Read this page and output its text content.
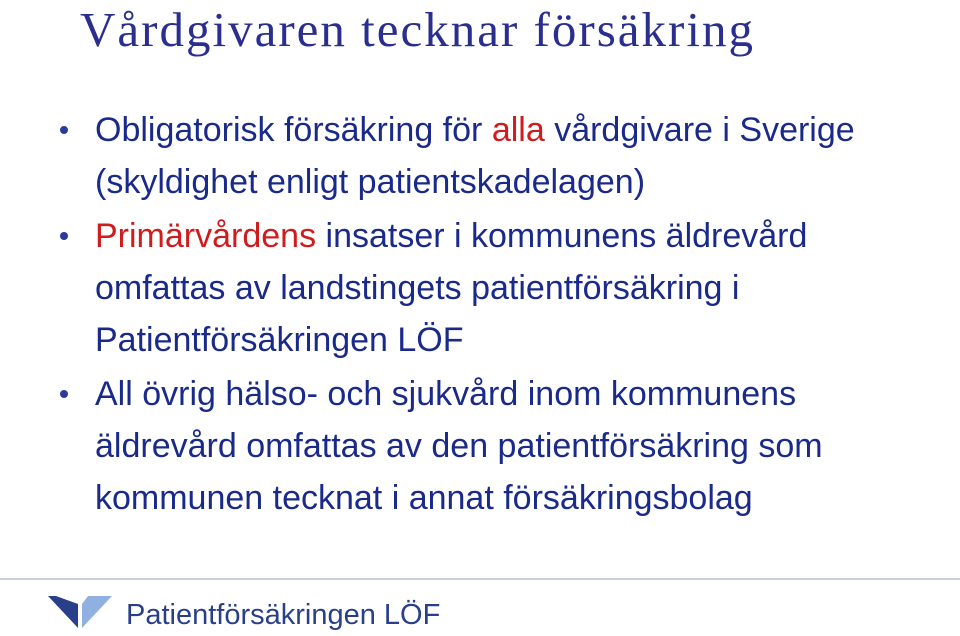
Vårdgivaren tecknar försäkring
Obligatorisk försäkring för alla vårdgivare i Sverige (skyldighet enligt patientskadelagen)
Primärvårdens insatser i kommunens äldrevård omfattas av landstingets patientförsäkring i Patientförsäkringen LÖF
All övrig hälso- och sjukvård inom kommunens äldrevård omfattas av den patientförsäkring som kommunen tecknat i annat försäkringsbolag
Patientförsäkringen LÖF
